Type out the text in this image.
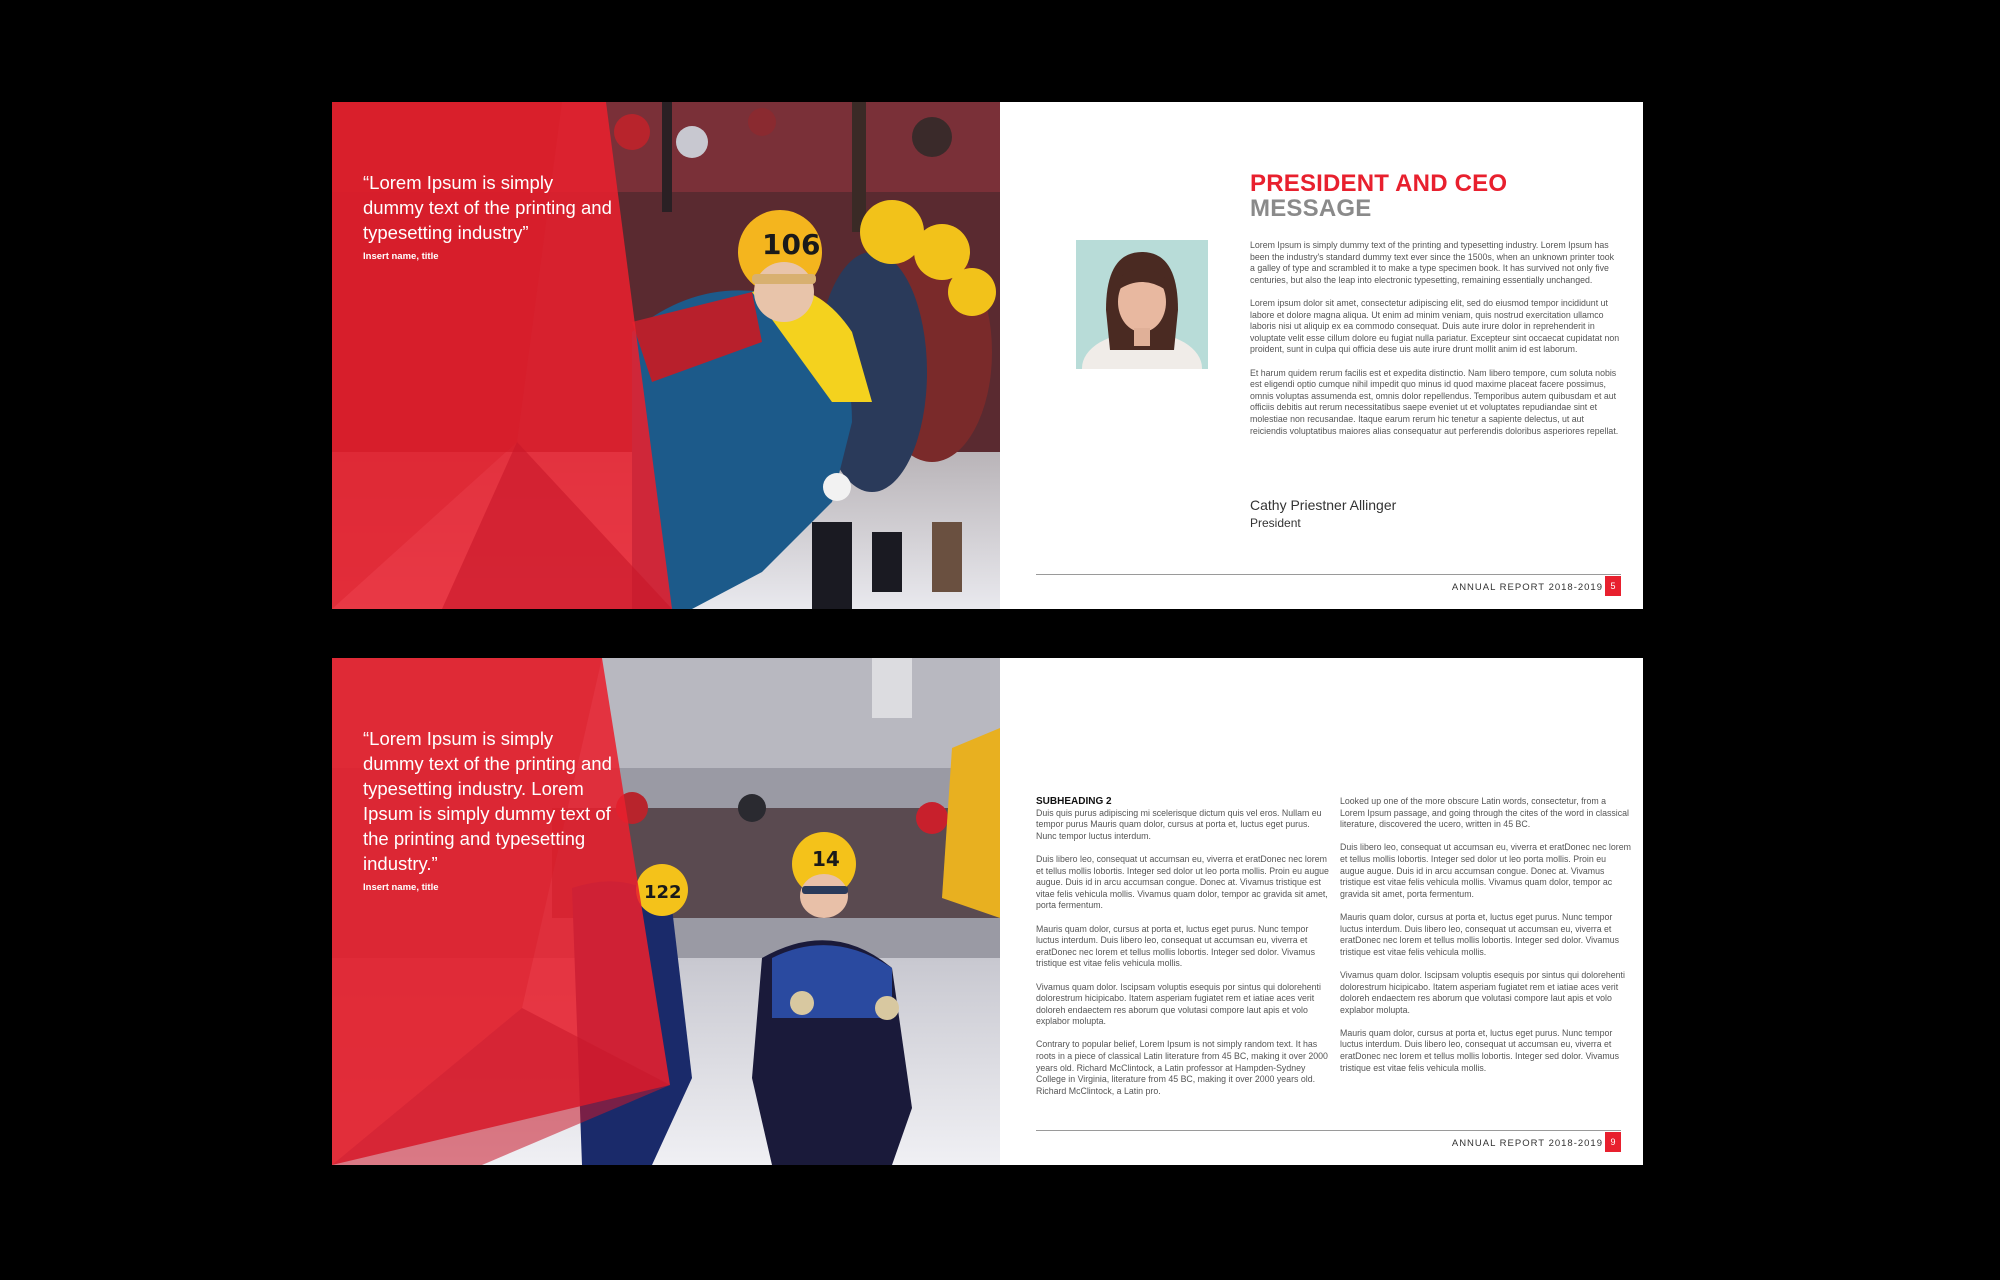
106
“Lorem Ipsum is simply dummy text of the printing and typesetting industry”
Insert name, title
PRESIDENT AND CEO
MESSAGE

Lorem Ipsum is simply dummy text of the printing and typesetting industry. Lorem Ipsum has been the industry's standard dummy text ever since the 1500s, when an unknown printer took a galley of type and scrambled it to make a type specimen book. It has survived not only five centuries, but also the leap into electronic typesetting, remaining essentially unchanged.

Lorem ipsum dolor sit amet, consectetur adipiscing elit, sed do eiusmod tempor incididunt ut labore et dolore magna aliqua. Ut enim ad minim veniam, quis nostrud exercitation ullamco laboris nisi ut aliquip ex ea commodo consequat. Duis aute irure dolor in reprehenderit in voluptate velit esse cillum dolore eu fugiat nulla pariatur. Excepteur sint occaecat cupidatat non proident, sunt in culpa qui officia dese uis aute irure drunt mollit anim id est laborum.

Et harum quidem rerum facilis est et expedita distinctio. Nam libero tempore, cum soluta nobis est eligendi optio cumque nihil impedit quo minus id quod maxime placeat facere possimus, omnis voluptas assumenda est, omnis dolor repellendus. Temporibus autem quibusdam et aut officiis debitis aut rerum necessitatibus saepe eveniet ut et voluptates repudiandae sint et molestiae non recusandae. Itaque earum rerum hic tenetur a sapiente delectus, ut aut reiciendis voluptatibus maiores alias consequatur aut perferendis doloribus asperiores repellat.

Cathy Priestner Allinger
President
ANNUAL REPORT 2018-2019 5
122
14
“Lorem Ipsum is simply dummy text of the printing and typesetting industry. Lorem Ipsum is simply dummy text of the printing and typesetting industry.”
Insert name, title
SUBHEADING 2

Duis quis purus adipiscing mi scelerisque dictum quis vel eros. Nullam eu tempor purus Mauris quam dolor, cursus at porta et, luctus eget purus. Nunc tempor luctus interdum.

Duis libero leo, consequat ut accumsan eu, viverra et eratDonec nec lorem et tellus mollis lobortis. Integer sed dolor ut leo porta mollis. Proin eu augue augue. Duis id in arcu accumsan congue. Donec at. Vivamus tristique est vitae felis vehicula mollis. Vivamus quam dolor, tempor ac gravida sit amet, porta fermentum.

Mauris quam dolor, cursus at porta et, luctus eget purus. Nunc tempor luctus interdum. Duis libero leo, consequat ut accumsan eu, viverra et eratDonec nec lorem et tellus mollis lobortis. Integer sed dolor. Vivamus tristique est vitae felis vehicula mollis.

Vivamus quam dolor. Iscipsam voluptis esequis por sintus qui dolorehenti dolorestrum hicipicabo. Itatem asperiam fugiatet rem et iatiae aces verit doloreh endaectem res aborum que volutasi compore laut apis et volo explabor molupta.

Contrary to popular belief, Lorem Ipsum is not simply random text. It has roots in a piece of classical Latin literature from 45 BC, making it over 2000 years old. Richard McClintock, a Latin professor at Hampden-Sydney College in Virginia, literature from 45 BC, making it over 2000 years old. Richard McClintock, a Latin pro.

Looked up one of the more obscure Latin words, consectetur, from a Lorem Ipsum passage, and going through the cites of the word in classical literature, discovered the ucero, written in 45 BC.

Duis libero leo, consequat ut accumsan eu, viverra et eratDonec nec lorem et tellus mollis lobortis. Integer sed dolor ut leo porta mollis. Proin eu augue augue. Duis id in arcu accumsan congue. Donec at. Vivamus tristique est vitae felis vehicula mollis. Vivamus quam dolor, tempor ac gravida sit amet, porta fermentum.

Mauris quam dolor, cursus at porta et, luctus eget purus. Nunc tempor luctus interdum. Duis libero leo, consequat ut accumsan eu, viverra et eratDonec nec lorem et tellus mollis lobortis. Integer sed dolor. Vivamus tristique est vitae felis vehicula mollis.

Vivamus quam dolor. Iscipsam voluptis esequis por sintus qui dolorehenti dolorestrum hicipicabo. Itatem asperiam fugiatet rem et iatiae aces verit doloreh endaectem res aborum que volutasi compore laut apis et volo explabor molupta.

Mauris quam dolor, cursus at porta et, luctus eget purus. Nunc tempor luctus interdum. Duis libero leo, consequat ut accumsan eu, viverra et eratDonec nec lorem et tellus mollis lobortis. Integer sed dolor. Vivamus tristique est vitae felis vehicula mollis.

ANNUAL REPORT 2018-2019 9
